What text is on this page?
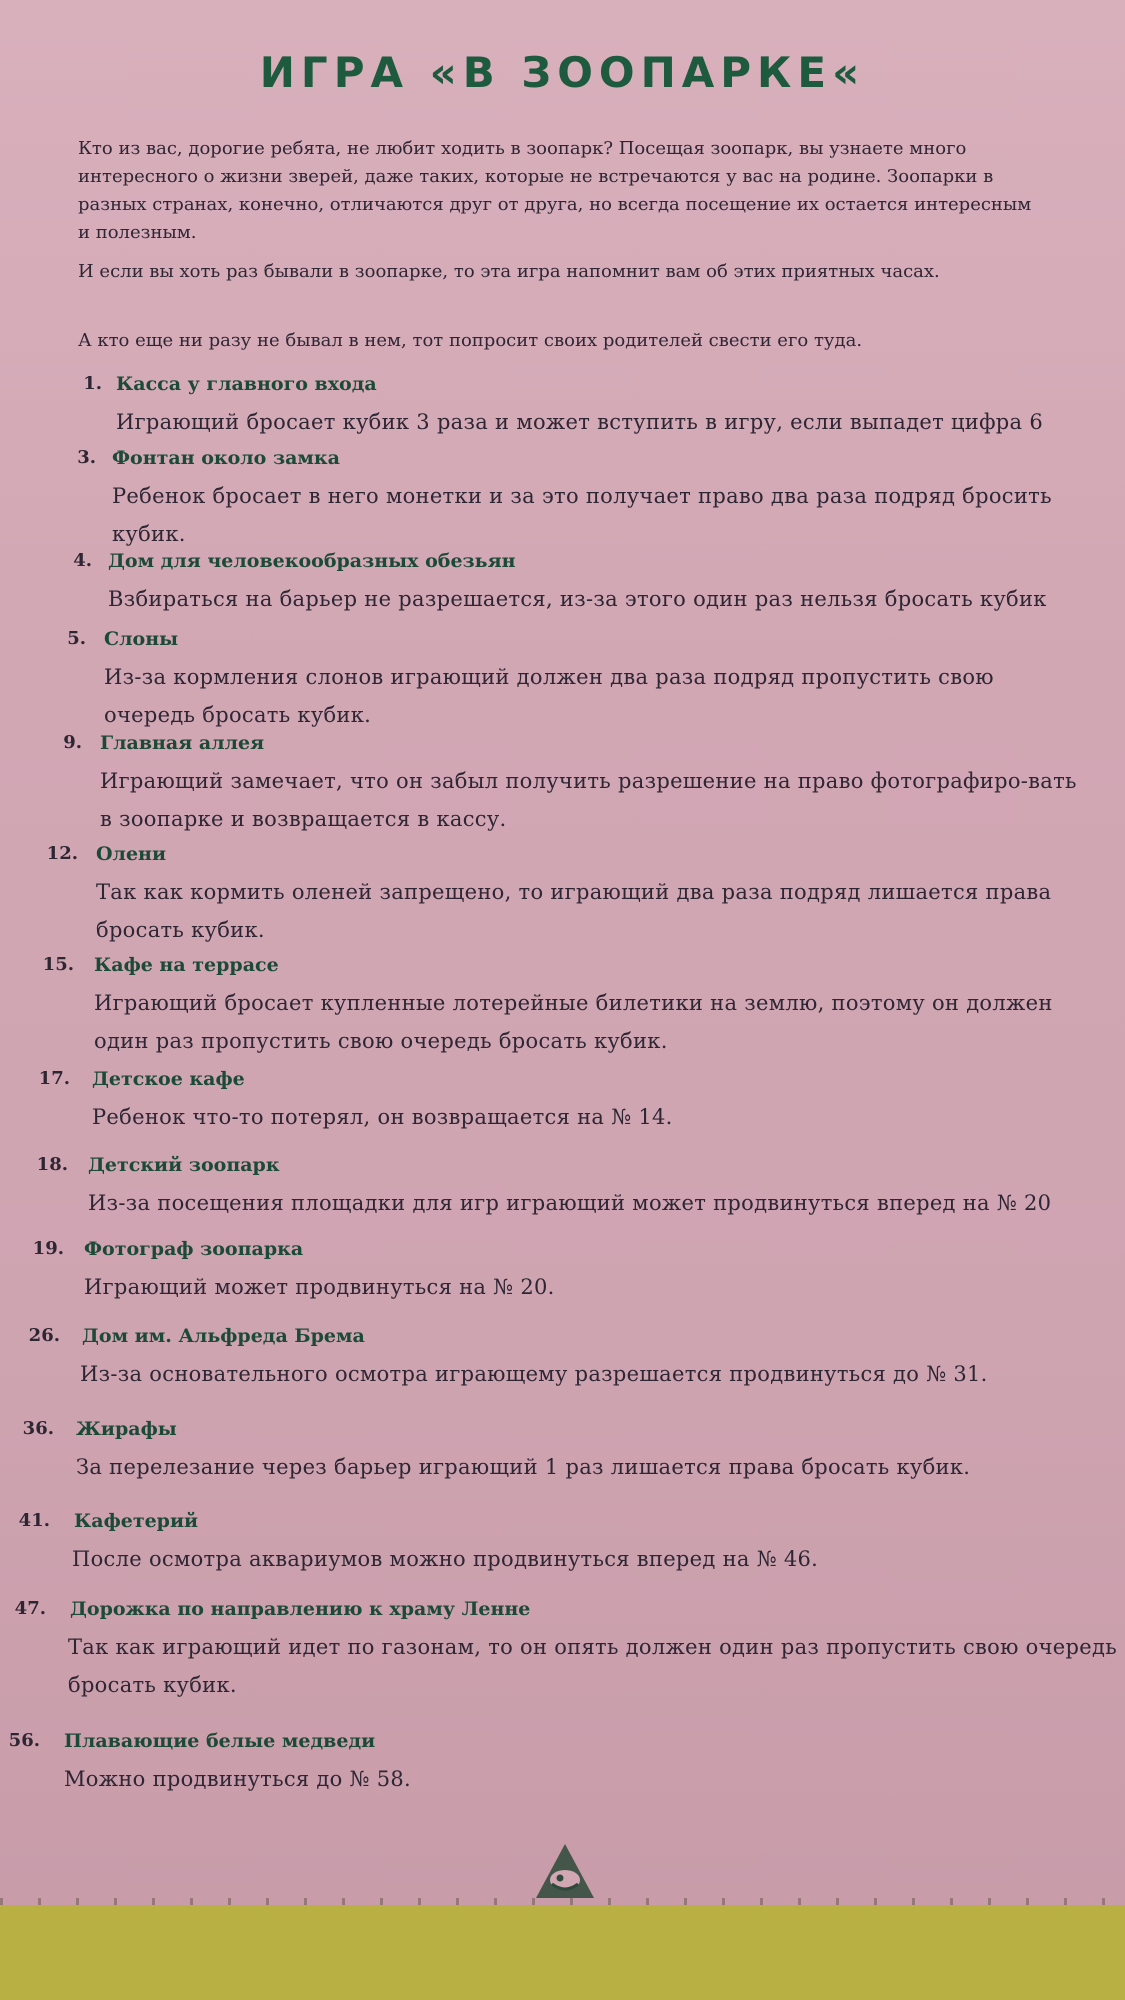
ИГРА «В ЗООПАРКЕ«
Кто из вас, дорогие ребята, не любит ходить в зоопарк? Посещая зоопарк, вы узнаете много интересного о жизни зверей, даже таких, которые не встречаются у вас на родине. Зоопарки в разных странах, конечно, отличаются друг от друга, но всегда посещение их остается интересным и полезным.
И если вы хоть раз бывали в зоопарке, то эта игра напомнит вам об этих приятных часах.
А кто еще ни разу не бывал в нем, тот попросит своих родителей свести его туда.
1. Касса у главного входа
Играющий бросает кубик 3 раза и может вступить в игру, если выпадет цифра 6
3. Фонтан около замка
Ребенок бросает в него монетки и за это получает право два раза подряд бросить кубик.
4. Дом для человекообразных обезьян
Взбираться на барьер не разрешается, из-за этого один раз нельзя бросать кубик
5. Слоны
Из-за кормления слонов играющий должен два раза подряд пропустить свою очередь бросать кубик.
9. Главная аллея
Играющий замечает, что он забыл получить разрешение на право фотографиро-вать в зоопарке и возвращается в кассу.
12. Олени
Так как кормить оленей запрещено, то играющий два раза подряд лишается права бросать кубик.
15. Кафе на террасе
Играющий бросает купленные лотерейные билетики на землю, поэтому он должен один раз пропустить свою очередь бросать кубик.
17. Детское кафе
Ребенок что-то потерял, он возвращается на № 14.
18. Детский зоопарк
Из-за посещения площадки для игр играющий может продвинуться вперед на № 20
19. Фотограф зоопарка
Играющий может продвинуться на № 20.
26. Дом им. Альфреда Брема
Из-за основательного осмотра играющему разрешается продвинуться до № 31.
36. Жирафы
За перелезание через барьер играющий 1 раз лишается права бросать кубик.
41. Кафетерий
После осмотра аквариумов можно продвинуться вперед на № 46.
47. Дорожка по направлению к храму Ленне
Так как играющий идет по газонам, то он опять должен один раз пропустить свою очередь бросать кубик.
56. Плавающие белые медведи
Можно продвинуться до № 58.
